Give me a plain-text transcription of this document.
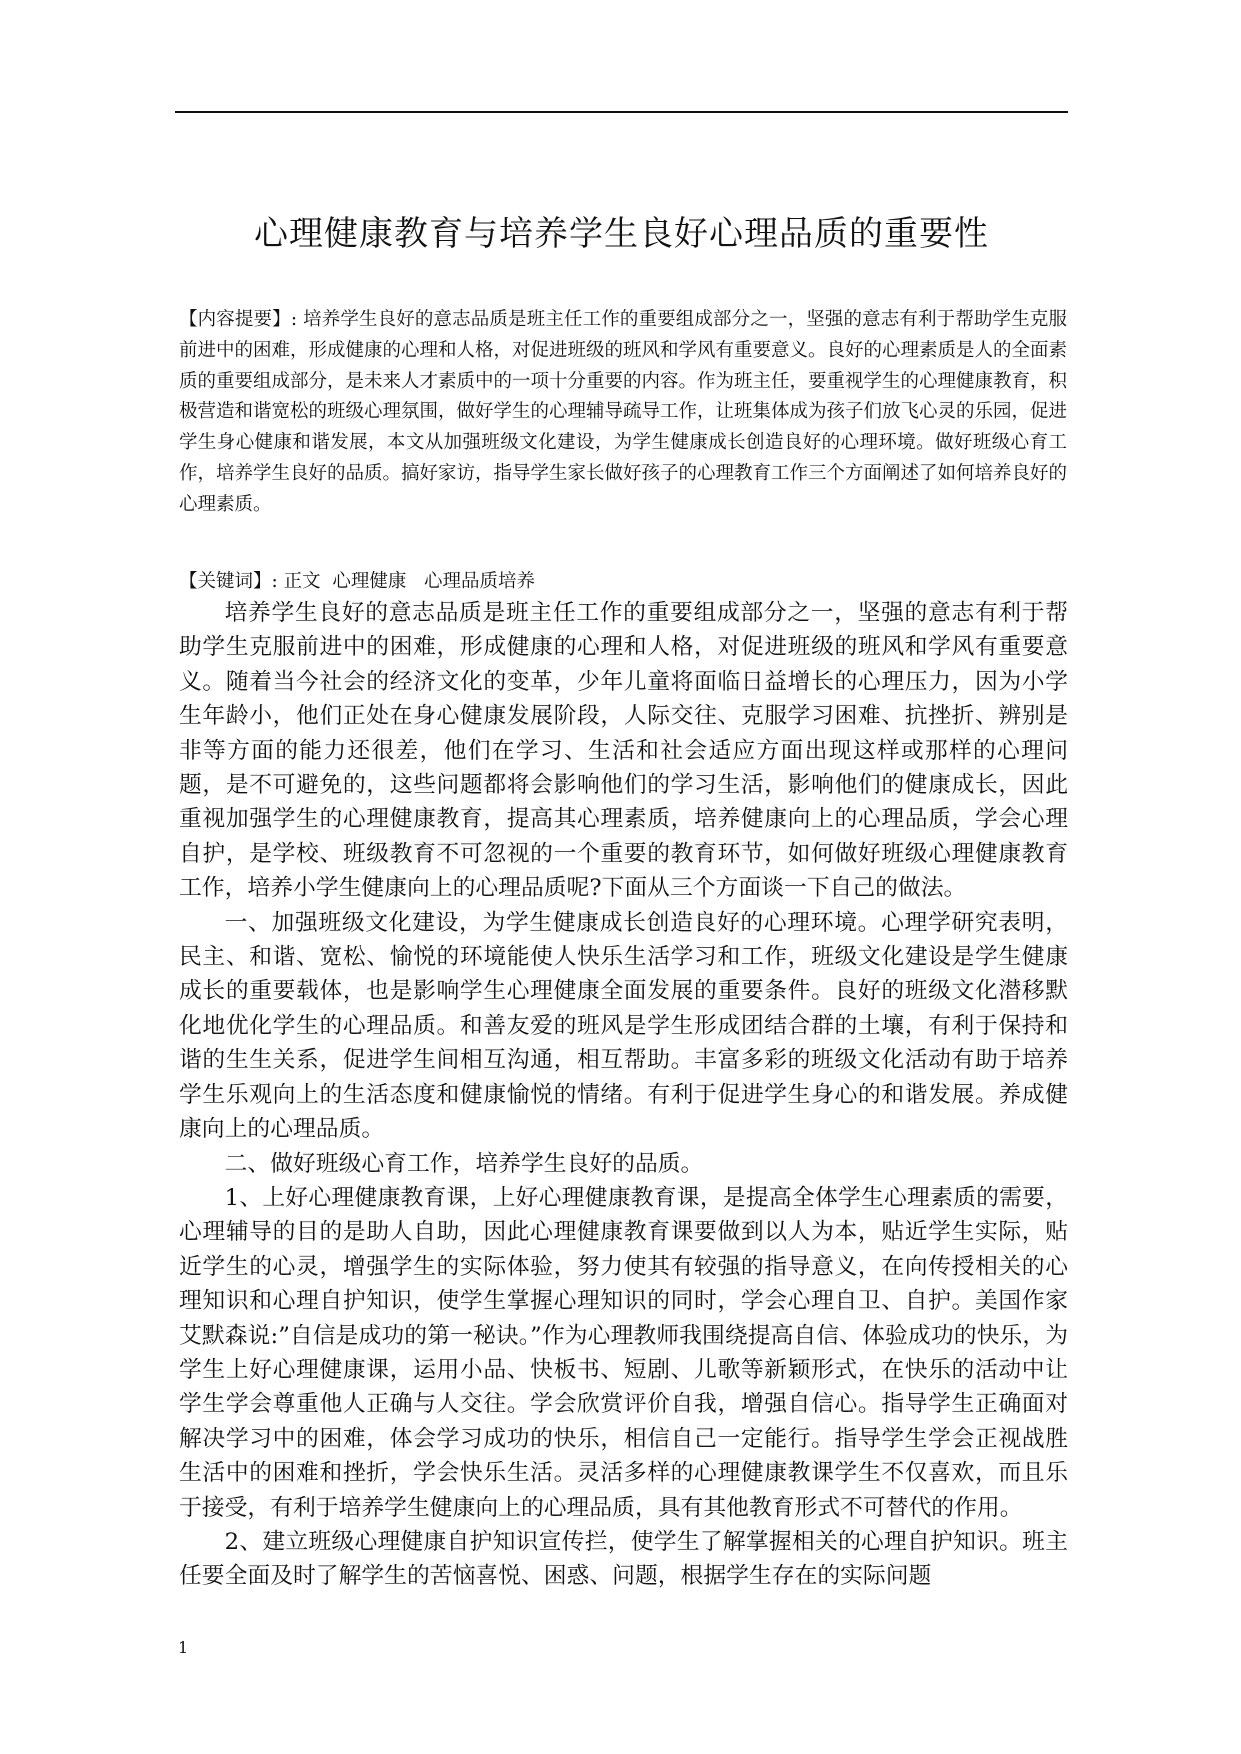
心理健康教育与培养学生良好心理品质的重要性

【内容提要】: 培养学生良好的意志品质是班主任工作的重要组成部分之一，坚强的意志有利于帮助学生克服前进中的困难，形成健康的心理和人格，对促进班级的班风和学风有重要意义。良好的心理素质是人的全面素质的重要组成部分，是未来人才素质中的一项十分重要的内容。作为班主任，要重视学生的心理健康教育，积极营造和谐宽松的班级心理氛围，做好学生的心理辅导疏导工作，让班集体成为孩子们放飞心灵的乐园，促进学生身心健康和谐发展，本文从加强班级文化建设，为学生健康成长创造良好的心理环境。做好班级心育工作，培养学生良好的品质。搞好家访，指导学生家长做好孩子的心理教育工作三个方面阐述了如何培养良好的心理素质。

【关键词】: 正文  心理健康   心理品质培养

培养学生良好的意志品质是班主任工作的重要组成部分之一，坚强的意志有利于帮助学生克服前进中的困难，形成健康的心理和人格，对促进班级的班风和学风有重要意义。随着当今社会的经济文化的变革，少年儿童将面临日益增长的心理压力，因为小学生年龄小，他们正处在身心健康发展阶段，人际交往、克服学习困难、抗挫折、辨别是非等方面的能力还很差，他们在学习、生活和社会适应方面出现这样或那样的心理问题，是不可避免的，这些问题都将会影响他们的学习生活，影响他们的健康成长，因此重视加强学生的心理健康教育，提高其心理素质，培养健康向上的心理品质，学会心理自护，是学校、班级教育不可忽视的一个重要的教育环节，如何做好班级心理健康教育工作，培养小学生健康向上的心理品质呢?下面从三个方面谈一下自己的做法。

一、加强班级文化建设，为学生健康成长创造良好的心理环境。心理学研究表明，民主、和谐、宽松、愉悦的环境能使人快乐生活学习和工作，班级文化建设是学生健康成长的重要载体，也是影响学生心理健康全面发展的重要条件。良好的班级文化潜移默化地优化学生的心理品质。和善友爱的班风是学生形成团结合群的土壤，有利于保持和谐的生生关系，促进学生间相互沟通，相互帮助。丰富多彩的班级文化活动有助于培养学生乐观向上的生活态度和健康愉悦的情绪。有利于促进学生身心的和谐发展。养成健康向上的心理品质。

二、做好班级心育工作，培养学生良好的品质。

1、上好心理健康教育课，上好心理健康教育课，是提高全体学生心理素质的需要，心理辅导的目的是助人自助，因此心理健康教育课要做到以人为本，贴近学生实际，贴近学生的心灵，增强学生的实际体验，努力使其有较强的指导意义，在向传授相关的心理知识和心理自护知识，使学生掌握心理知识的同时，学会心理自卫、自护。美国作家艾默森说:”自信是成功的第一秘诀。”作为心理教师我围绕提高自信、体验成功的快乐，为学生上好心理健康课，运用小品、快板书、短剧、儿歌等新颖形式，在快乐的活动中让学生学会尊重他人正确与人交往。学会欣赏评价自我，增强自信心。指导学生正确面对解决学习中的困难，体会学习成功的快乐，相信自己一定能行。指导学生学会正视战胜生活中的困难和挫折，学会快乐生活。灵活多样的心理健康教课学生不仅喜欢，而且乐于接受，有利于培养学生健康向上的心理品质，具有其他教育形式不可替代的作用。

2、建立班级心理健康自护知识宣传拦，使学生了解掌握相关的心理自护知识。班主任要全面及时了解学生的苦恼喜悦、困惑、问题，根据学生存在的实际问题

1
